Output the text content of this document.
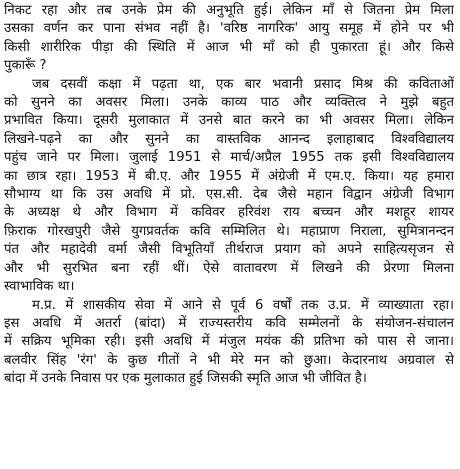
निकट रहा और तब उनके प्रेम की अनुभूति हुई। लेकिन माँ से जितना प्रेम मिला
उसका वर्णन कर पाना संभव नहीं है। 'वरिष्ठ नागरिक' आयु समूह में होने पर भी
किसी शारीरिक पीड़ा की स्थिति में आज भी माँ को ही पुकारता हूं। और किसे
पुकारूँ ?

जब दसवीं कक्षा में पढ़ता था, एक बार भवानी प्रसाद मिश्र की कविताओं
को सुनने का अवसर मिला। उनके काव्य पाठ और व्यक्तित्व ने मुझे बहुत
प्रभावित किया। दूसरी मुलाकात में उनसे बात करने का भी अवसर मिला। लेकिन
लिखने-पढ़ने का और सुनने का वास्तविक आनन्द इलाहाबाद विश्वविद्यालय
पहुंच जाने पर मिला। जुलाई 1951 से मार्च/अप्रैल 1955 तक इसी विश्वविद्यालय
का छात्र रहा। 1953 में बी.ए. और 1955 में अंग्रेजी में एम.ए. किया। यह हमारा
सौभाग्य था कि उस अवधि में प्रो. एस.सी. देब जैसे महान विद्वान अंग्रेजी विभाग
के अध्यक्ष थे और विभाग में कविवर हरिवंश राय बच्चन और मशहूर शायर
फ़िराक गोरखपुरी जैसे युगप्रवर्तक कवि सम्मिलित थे। महाप्राण निराला, सुमित्रानन्दन
पंत और महादेवी वर्मा जैसी विभूतियाँ तीर्थराज प्रयाग को अपने साहित्यसृजन से
और भी सुरभित बना रहीं थीं। ऐसे वातावरण में लिखने की प्रेरणा मिलना
स्वाभाविक था।

म.प्र. में शासकीय सेवा में आने से पूर्व 6 वर्षों तक उ.प्र. में व्याख्याता रहा।
इस अवधि में अतर्रा (बांदा) में राज्यस्तरीय कवि सम्मेलनों के संयोजन-संचालन
में सक्रिय भूमिका रही। इसी अवधि में मंजुल मयंक की प्रतिभा को पास से जाना।
बलवीर सिंह 'रंग' के कुछ गीतों ने भी मेरे मन को छुआ। केदारनाथ अग्रवाल से
बांदा में उनके निवास पर एक मुलाकात हुई जिसकी स्मृति आज भी जीवित है।
